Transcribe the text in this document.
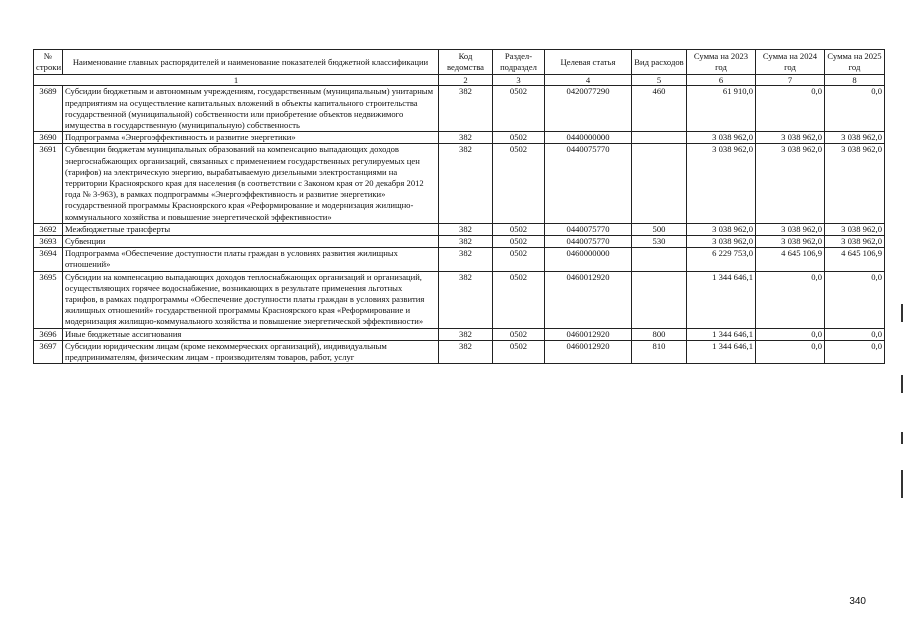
№ строки	Наименование главных распорядителей и наименование показателей бюджетной классификации	Код ведомства	Раздел-подраздел	Целевая статья	Вид расходов	Сумма на 2023 год	Сумма на 2024 год	Сумма на 2025 год
1		2	3	4	5	6	7	8
3689	Субсидии бюджетным и автономным учреждениям, государственным (муниципальным) унитарным предприятиям на осуществление капитальных вложений в объекты капитального строительства государственной (муниципальной) собственности или приобретение объектов недвижимого имущества в государственную (муниципальную) собственность	382	0502	0420077290	460	61 910,0	0,0	0,0
3690	Подпрограмма «Энергоэффективность и развитие энергетики»	382	0502	0440000000		3 038 962,0	3 038 962,0	3 038 962,0
3691	Субвенции бюджетам муниципальных образований на компенсацию выпадающих доходов энергоснабжающих организаций, связанных с применением государственных регулируемых цен (тарифов) на электрическую энергию, вырабатываемую дизельными электростанциями на территории Красноярского края для населения (в соответствии с Законом края от 20 декабря 2012 года № 3-963), в рамках подпрограммы «Энергоэффективность и развитие энергетики» государственной программы Красноярского края «Реформирование и модернизация жилищно-коммунального хозяйства и повышение энергетической эффективности»	382	0502	0440075770		3 038 962,0	3 038 962,0	3 038 962,0
3692	Межбюджетные трансферты	382	0502	0440075770	500	3 038 962,0	3 038 962,0	3 038 962,0
3693	Субвенции	382	0502	0440075770	530	3 038 962,0	3 038 962,0	3 038 962,0
3694	Подпрограмма «Обеспечение доступности платы граждан в условиях развития жилищных отношений»	382	0502	0460000000		6 229 753,0	4 645 106,9	4 645 106,9
3695	Субсидии на компенсацию выпадающих доходов теплоснабжающих организаций и организаций, осуществляющих горячее водоснабжение, возникающих в результате применения льготных тарифов, в рамках подпрограммы «Обеспечение доступности платы граждан в условиях развития жилищных отношений» государственной программы Красноярского края «Реформирование и модернизация жилищно-коммунального хозяйства и повышение энергетической эффективности»	382	0502	0460012920		1 344 646,1	0,0	0,0
3696	Иные бюджетные ассигнования	382	0502	0460012920	800	1 344 646,1	0,0	0,0
3697	Субсидии юридическим лицам (кроме некоммерческих организаций), индивидуальным предпринимателям, физическим лицам - производителям товаров, работ, услуг	382	0502	0460012920	810	1 344 646,1	0,0	0,0
340
